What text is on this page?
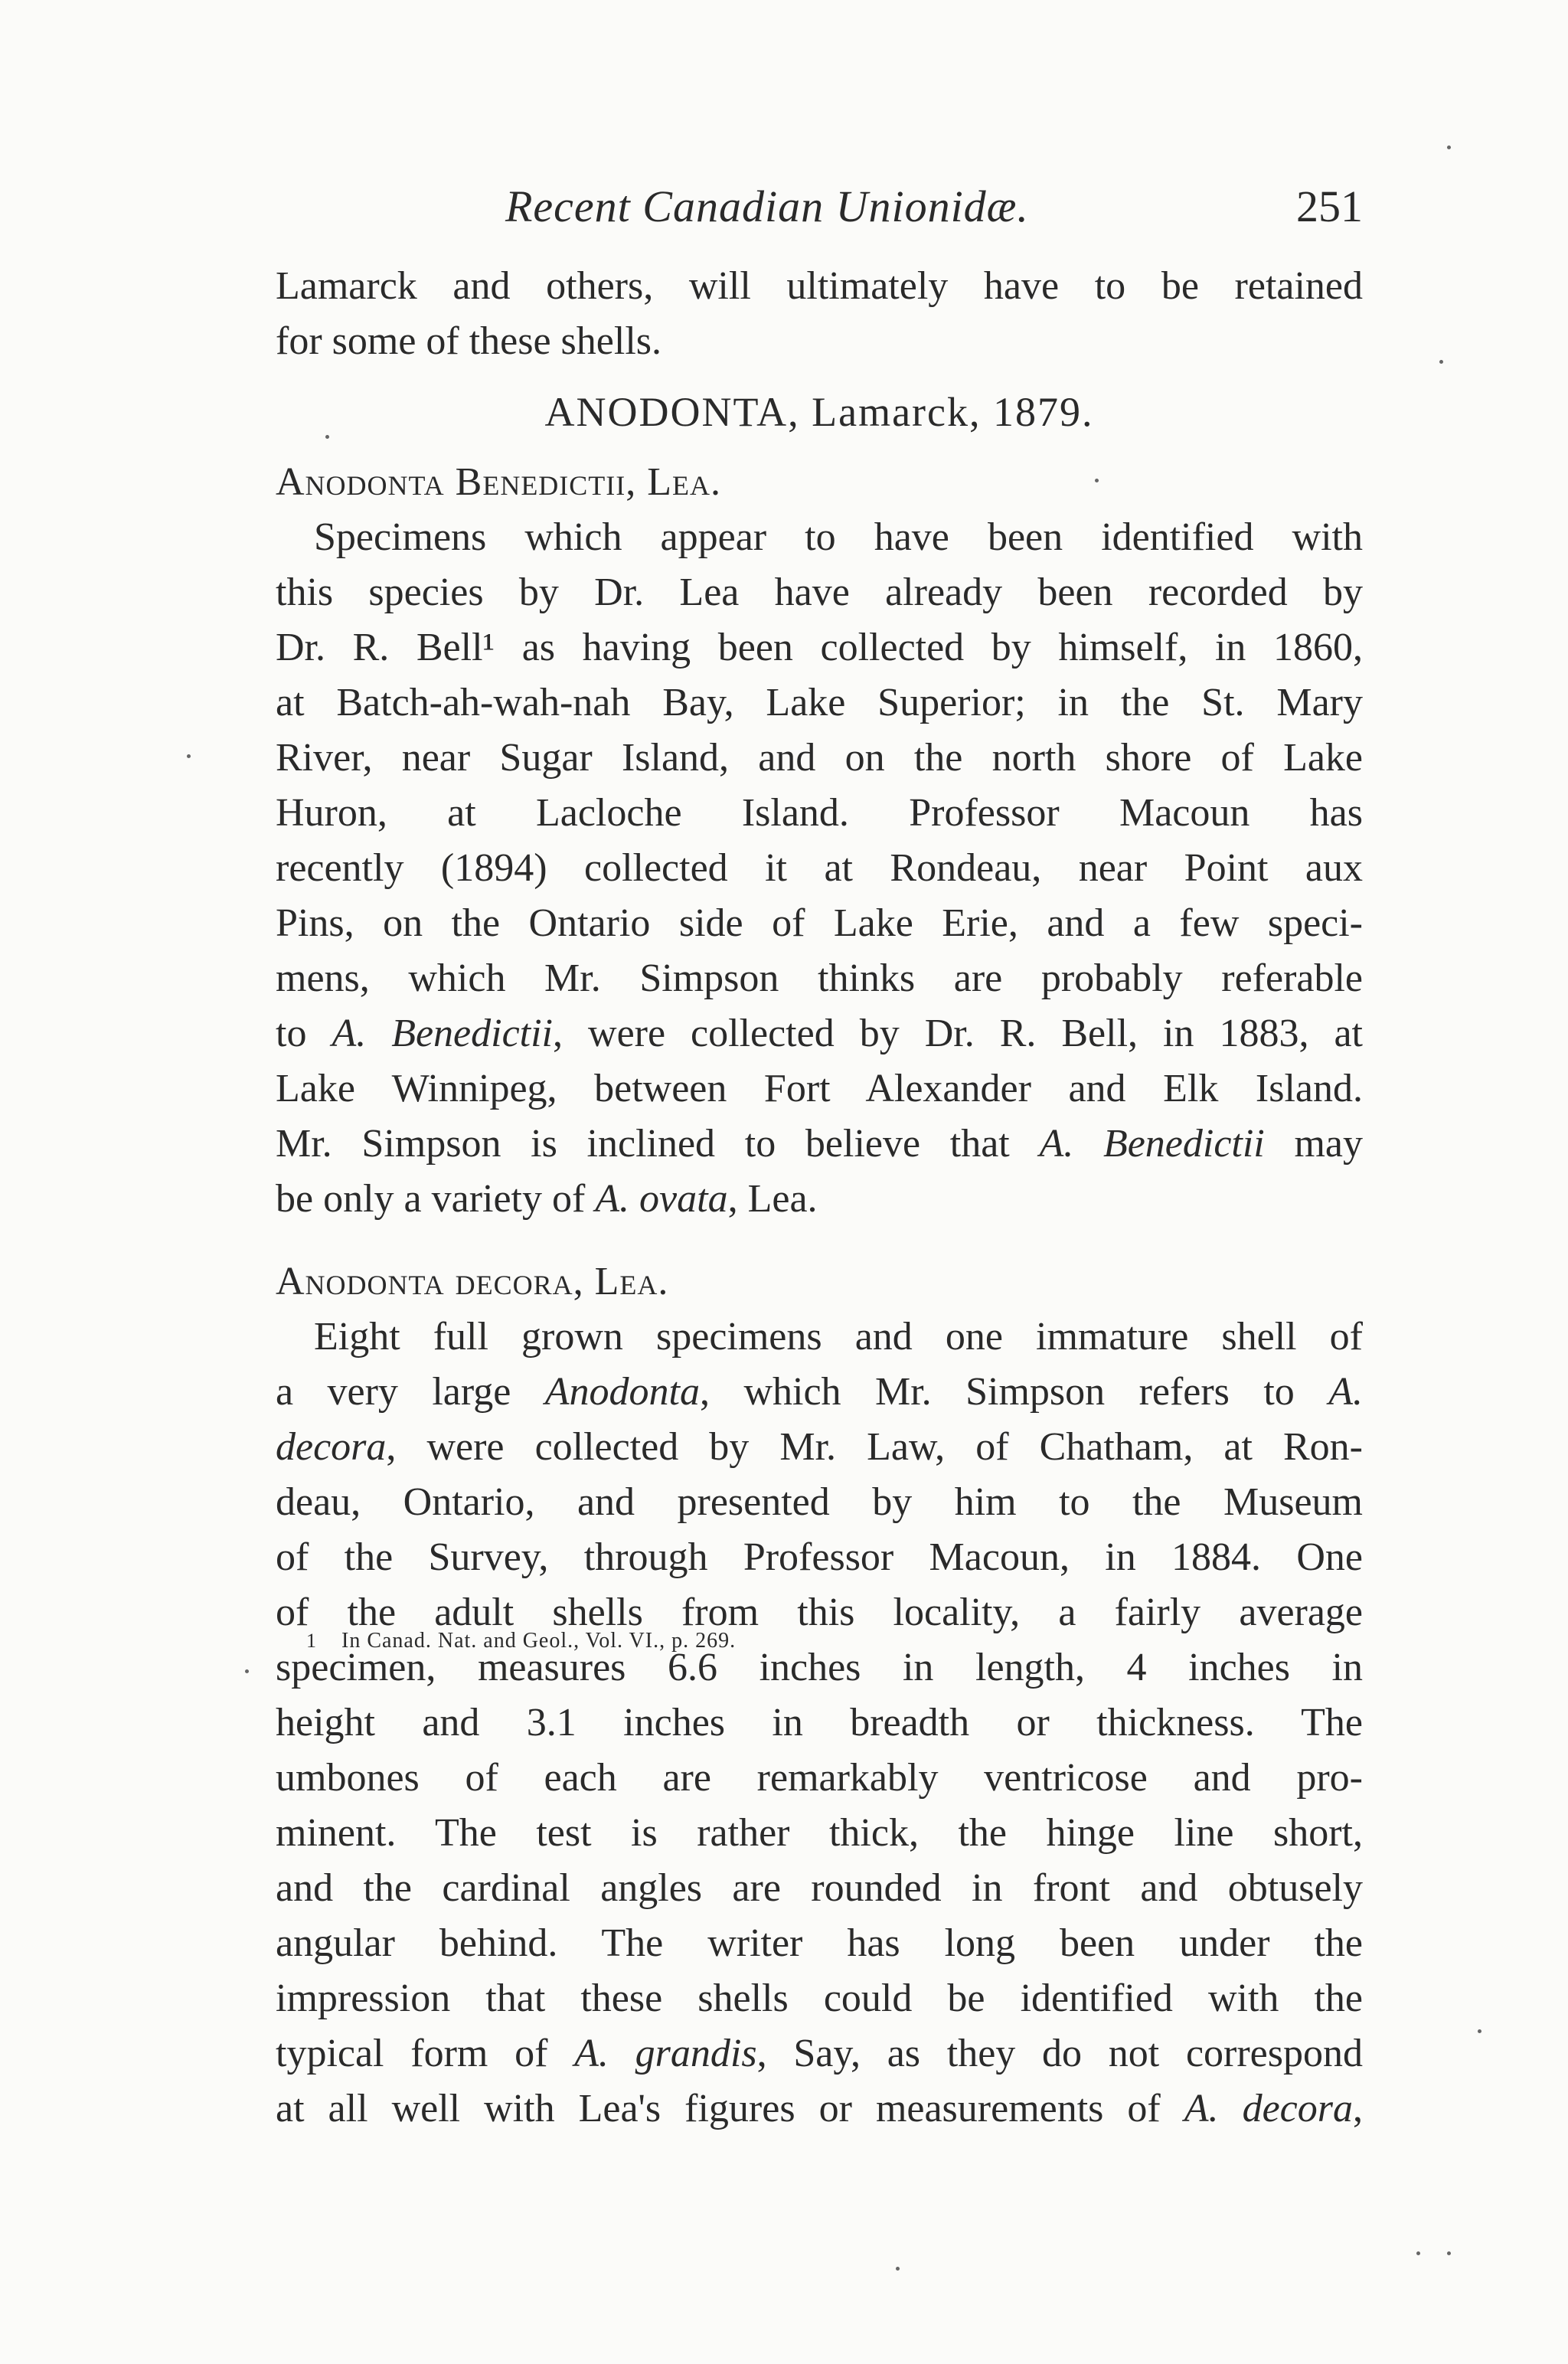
Recent Canadian Unionidæ.	251
Lamarck and others, will ultimately have to be retained
for some of these shells.
ANODONTA, Lamarck, 1879.
Anodonta Benedictii, Lea.
Specimens which appear to have been identified with
this species by Dr. Lea have already been recorded by
Dr. R. Bell¹ as having been collected by himself, in 1860,
at Batch-ah-wah-nah Bay, Lake Superior; in the St. Mary
River, near Sugar Island, and on the north shore of Lake
Huron, at Lacloche Island. Professor Macoun has
recently (1894) collected it at Rondeau, near Point aux
Pins, on the Ontario side of Lake Erie, and a few speci-
mens, which Mr. Simpson thinks are probably referable
to A. Benedictii, were collected by Dr. R. Bell, in 1883, at
Lake Winnipeg, between Fort Alexander and Elk Island.
Mr. Simpson is inclined to believe that A. Benedictii may
be only a variety of A. ovata, Lea.
Anodonta decora, Lea.
Eight full grown specimens and one immature shell of
a very large Anodonta, which Mr. Simpson refers to A.
decora, were collected by Mr. Law, of Chatham, at Ron-
deau, Ontario, and presented by him to the Museum
of the Survey, through Professor Macoun, in 1884. One
of the adult shells from this locality, a fairly average
specimen, measures 6.6 inches in length, 4 inches in
height and 3.1 inches in breadth or thickness. The
umbones of each are remarkably ventricose and pro-
minent. The test is rather thick, the hinge line short,
and the cardinal angles are rounded in front and obtusely
angular behind. The writer has long been under the
impression that these shells could be identified with the
typical form of A. grandis, Say, as they do not correspond
at all well with Lea's figures or measurements of A. decora,
1 In Canad. Nat. and Geol., Vol. VI., p. 269.
